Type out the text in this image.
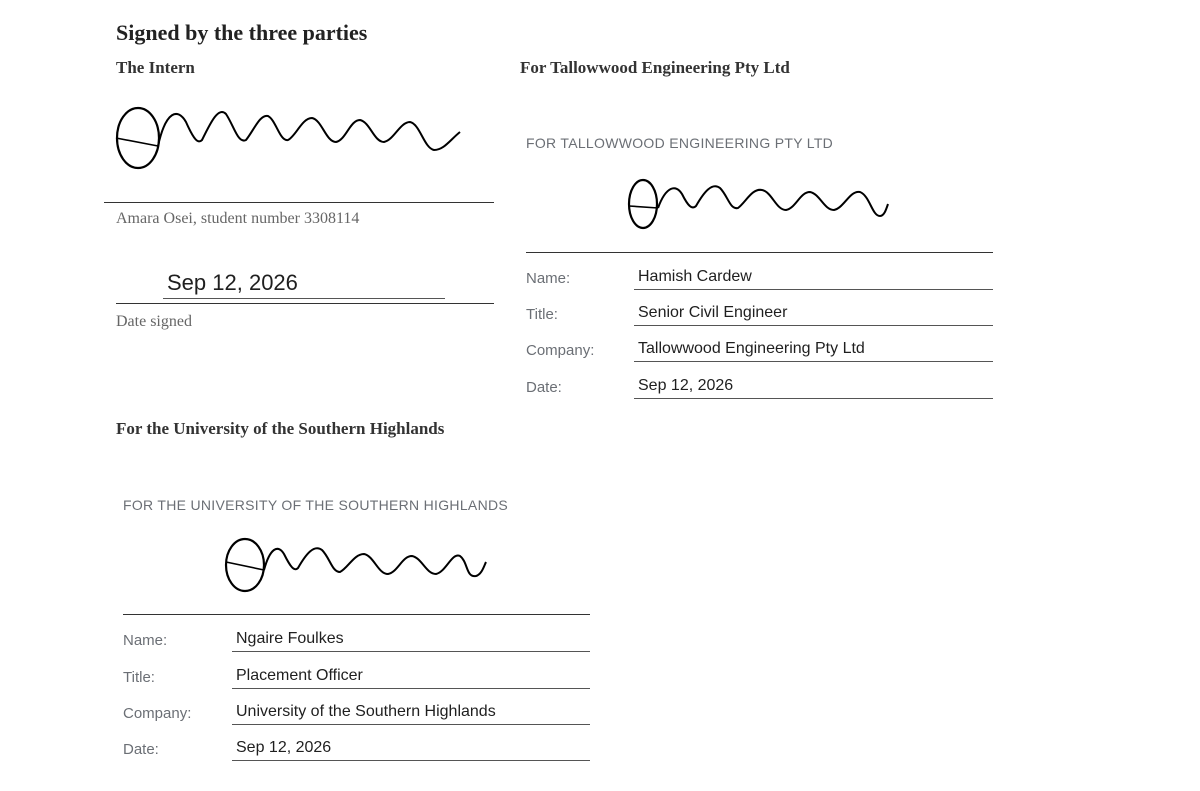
Signed by the three parties
The Intern
Amara Osei, student number 3308114
Sep 12, 2026
Date signed
For Tallowwood Engineering Pty Ltd
FOR TALLOWWOOD ENGINEERING PTY LTD
Name:	Hamish Cardew
Title:	Senior Civil Engineer
Company:	Tallowwood Engineering Pty Ltd
Date:	Sep 12, 2026
For the University of the Southern Highlands
FOR THE UNIVERSITY OF THE SOUTHERN HIGHLANDS
Name:	Ngaire Foulkes
Title:	Placement Officer
Company:	University of the Southern Highlands
Date:	Sep 12, 2026
